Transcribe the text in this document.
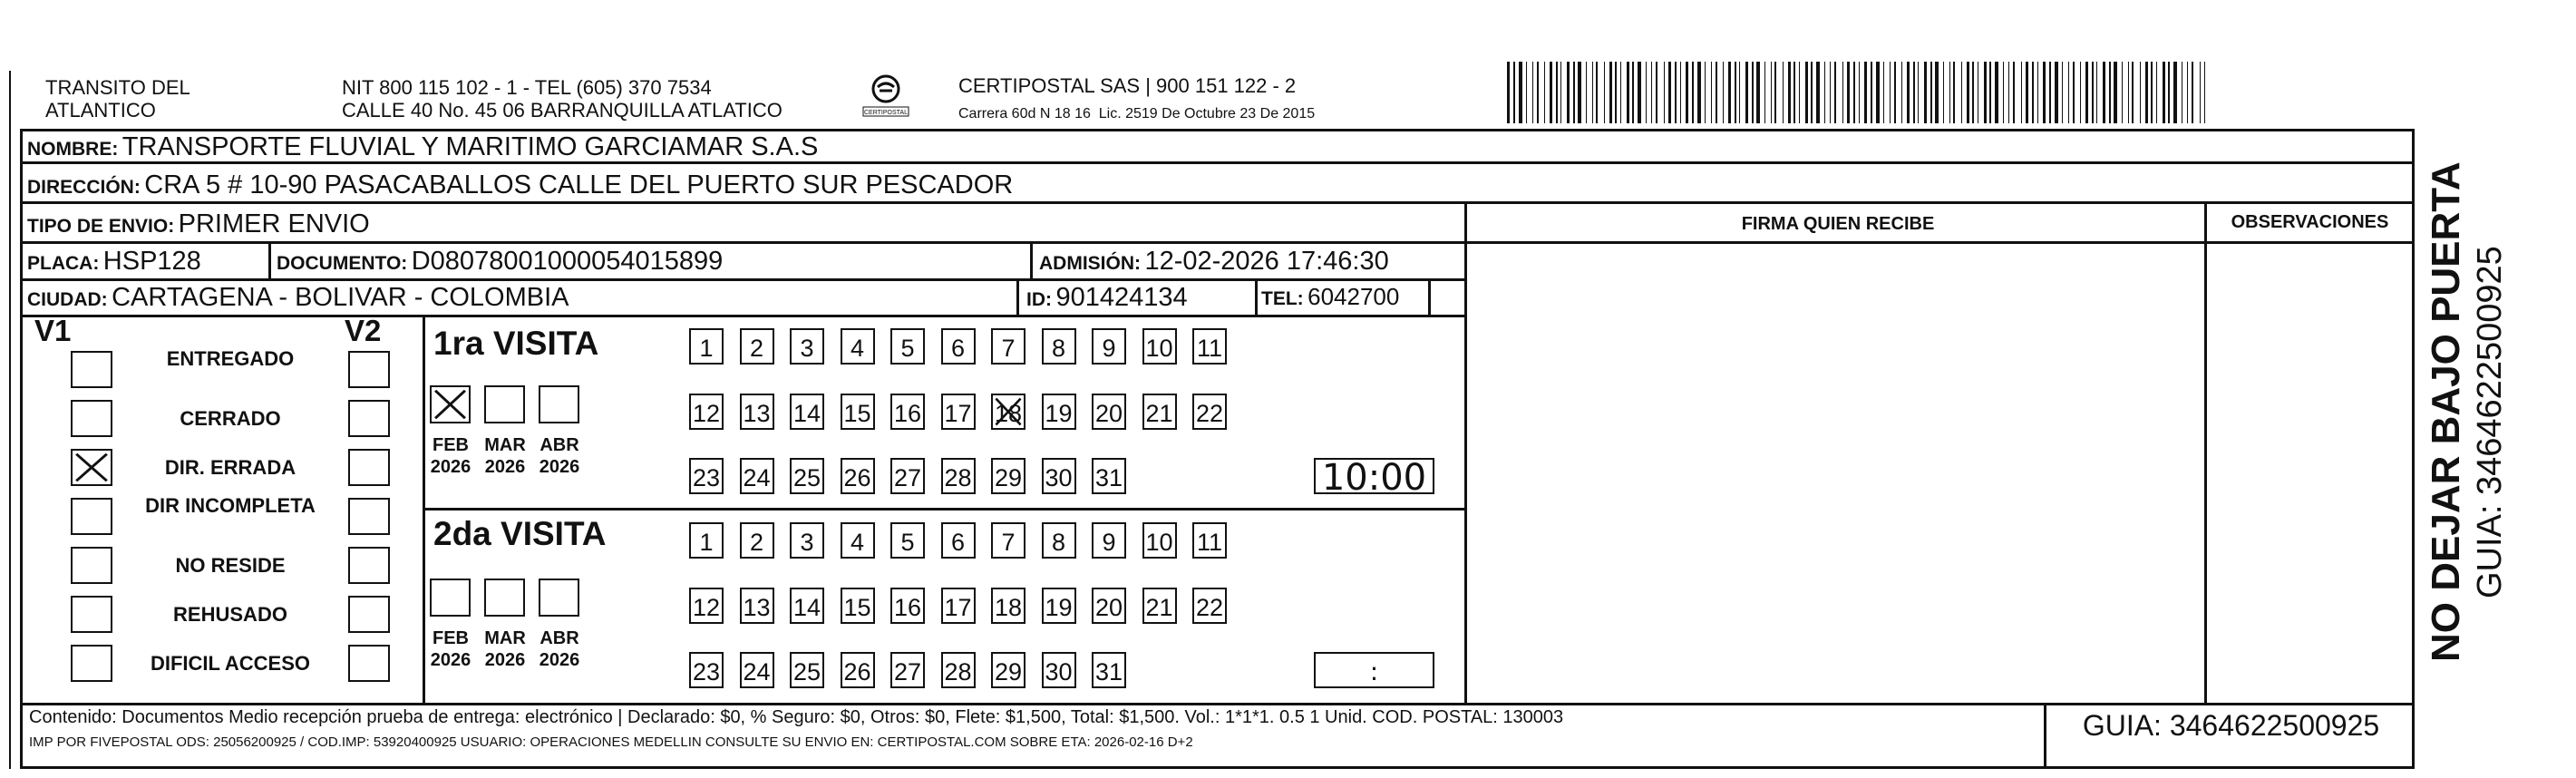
TRANSITO DEL
ATLANTICO
NIT 800 115 102 - 1 - TEL (605) 370 7534
CALLE 40 No. 45 06 BARRANQUILLA ATLATICO	CERTIPOSTAL
CERTIPOSTAL SAS | 900 151 122 - 2
Carrera 60d N 18 16  Lic. 2519 De Octubre 23 De 2015
NOMBRE: TRANSPORTE FLUVIAL Y MARITIMO GARCIAMAR S.A.S
DIRECCIÓN: CRA 5 # 10-90 PASACABALLOS CALLE DEL PUERTO SUR PESCADOR
TIPO DE ENVIO: PRIMER ENVIO	FIRMA QUIEN RECIBE	OBSERVACIONES
PLACA: HSP128	DOCUMENTO: D08078001000054015899	ADMISIÓN: 12-02-2026 17:46:30
CIUDAD: CARTAGENA - BOLIVAR - COLOMBIA	ID: 901424134	TEL: 6042700
V1	V2
ENTREGADO
CERRADO
DIR. ERRADA
DIR INCOMPLETA
NO RESIDE
REHUSADO
DIFICIL ACCESO
1ra VISITA
FEB
2026
MAR
2026
ABR
2026
1	2	3	4	5	6	7	8	9	10 11
12 13 14 15 16 17 18 19 20 21 22
23 24 25 26 27 28 29 30 31	10:00
2da VISITA
FEB
2026
MAR
2026
ABR
2026
1	2	3	4	5	6	7	8	9	10 11
12 13 14 15 16 17 18 19 20 21 22
23 24 25 26 27 28 29 30 31	:
Contenido: Documentos Medio recepción prueba de entrega: electrónico | Declarado: $0, % Seguro: $0, Otros: $0, Flete: $1,500, Total: $1,500. Vol.: 1*1*1. 0.5 1 Unid. COD. POSTAL: 130003
IMP POR FIVEPOSTAL ODS: 25056200925 / COD.IMP: 53920400925 USUARIO: OPERACIONES MEDELLIN CONSULTE SU ENVIO EN: CERTIPOSTAL.COM SOBRE ETA: 2026-02-16 D+2
GUIA: 3464622500925
NO DEJAR BAJO PUERTA GUIA: 3464622500925
